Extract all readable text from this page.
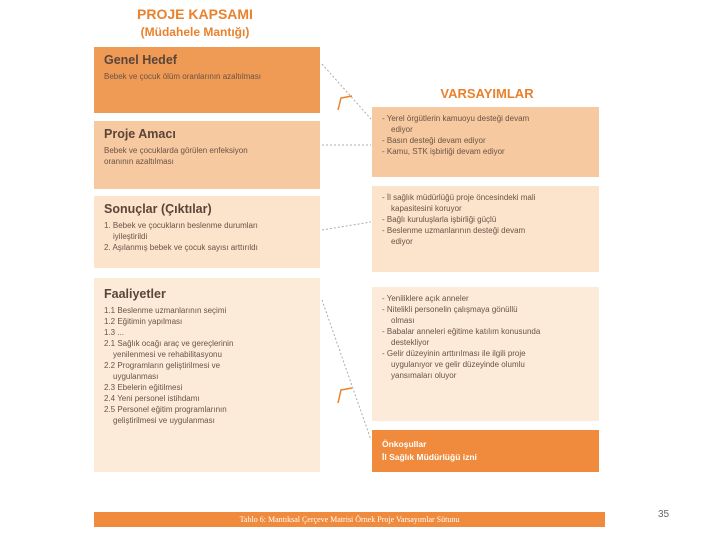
PROJE KAPSAMI
(Müdahele Mantığı)
Genel Hedef
Bebek ve çocuk ölüm oranlarının azaltılması
Proje Amacı
Bebek ve çocuklarda görülen enfeksiyon
oranının azaltılması
Sonuçlar (Çıktılar)
1. Bebek ve çocukların beslenme durumları
iyileştirildi
2. Aşılanmış bebek ve çocuk sayısı arttırıldı
Faaliyetler
1.1 Beslenme uzmanlarının seçimi
1.2 Eğitimin yapılması
1.3 ...
2.1 Sağlık ocağı araç ve gereçlerinin
yenilenmesi ve rehabilitasyonu
2.2 Programların geliştirilmesi ve
uygulanması
2.3 Ebelerin eğitilmesi
2.4 Yeni personel istihdamı
2.5 Personel eğitim programlarının
geliştirilmesi ve uygulanması
VARSAYIMLAR
- Yerel örgütlerin kamuoyu desteği devam
ediyor
- Basın desteği devam ediyor
- Kamu, STK işbirliği devam ediyor
- İl sağlık müdürlüğü proje öncesindeki mali
kapasitesini koruyor
- Bağlı kuruluşlarla işbirliği güçlü
- Beslenme uzmanlarının desteği devam
ediyor
- Yeniliklere açık anneler
- Nitelikli personelin çalışmaya gönüllü
olması
- Babalar anneleri eğitime katılım konusunda
destekliyor
- Gelir düzeyinin arttırılması ile ilgili proje
uygulanıyor ve gelir düzeyinde olumlu
yansımaları oluyor
Önkoşullar
İl Sağlık Müdürlüğü izni
Tablo 6: Mantıksal Çerçeve Matrisi Örnek Proje Varsayımlar Sütunu	35
